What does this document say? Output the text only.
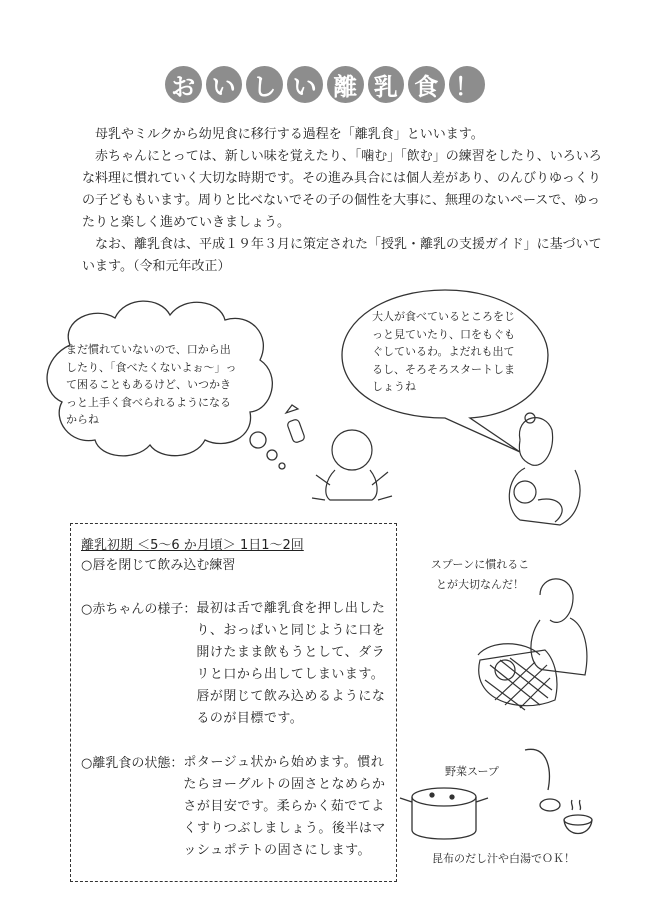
お い し い 離 乳 食 ！

母乳やミルクから幼児食に移行する過程を「離乳食」といいます。

赤ちゃんにとっては、新しい味を覚えたり、「噛む」「飲む」の練習をしたり、いろいろな料理に慣れていく大切な時期です。その進み具合には個人差があり、のんびりゆっくりの子どももいます。周りと比べないでその子の個性を大事に、無理のないペースで、ゆったりと楽しく進めていきましょう。

なお、離乳食は、平成１９年３月に策定された「授乳・離乳の支援ガイド」に基づいています。（令和元年改正）

まだ慣れていないので、口から出したり、「食べたくないよぉ〜」って困ることもあるけど、いつかきっと上手く食べられるようになるからね
大人が食べているところをじっと見ていたり、口をもぐもぐしているわ。よだれも出てるし、そろそろスタートしましょうね
離乳初期 ＜5〜6 か月頃＞ 1日1〜2回
○唇を閉じて飲み込む練習
○赤ちゃんの様子： 最初は舌で離乳食を押し出したり、おっぱいと同じように口を開けたまま飲もうとして、ダラリと口から出してしまいます。唇が閉じて飲み込めるようになるのが目標です。
○離乳食の状態： ポタージュ状から始めます。慣れたらヨーグルトの固さとなめらかさが目安です。柔らかく茹でてよくすりつぶしましょう。後半はマッシュポテトの固さにします。
スプーンに慣れることが大切なんだ！
野菜スープ
昆布のだし汁や白湯でＯＫ！
